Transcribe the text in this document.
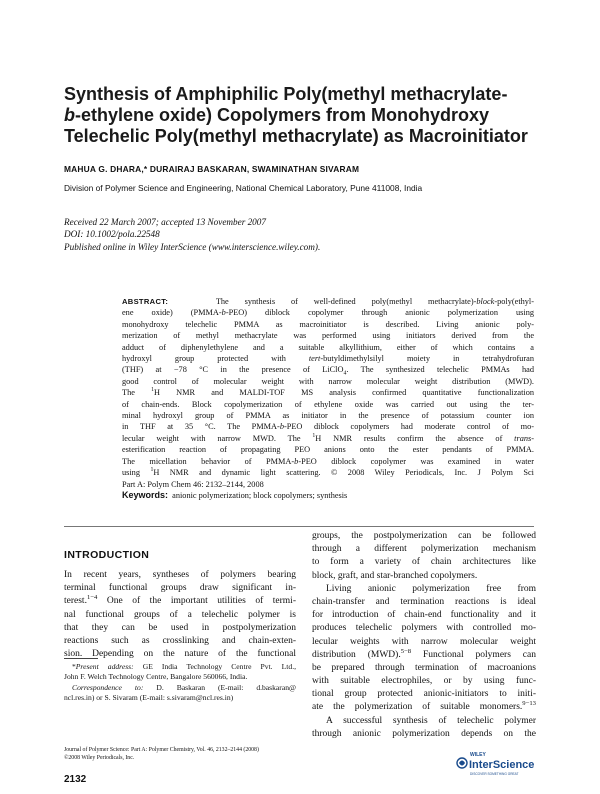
Synthesis of Amphiphilic Poly(methyl methacrylate-
b-ethylene oxide) Copolymers from Monohydroxy
Telechelic Poly(methyl methacrylate) as Macroinitiator
MAHUA G. DHARA,* DURAIRAJ BASKARAN, SWAMINATHAN SIVARAM
Division of Polymer Science and Engineering, National Chemical Laboratory, Pune 411008, India
Received 22 March 2007; accepted 13 November 2007
DOI: 10.1002/pola.22548
Published online in Wiley InterScience (www.interscience.wiley.com).
ABSTRACT:   The synthesis of well-defined poly(methyl methacrylate)-block-poly(ethyl-
ene oxide) (PMMA-b-PEO) diblock copolymer through anionic polymerization using
monohydroxy telechelic PMMA as macroinitiator is described. Living anionic poly-
merization of methyl methacrylate was performed using initiators derived from the
adduct of diphenylethylene and a suitable alkyllithium, either of which contains a
hydroxyl group protected with tert-butyldimethylsilyl moiety in tetrahydrofuran
(THF) at −78 °C in the presence of LiClO$_4$. The synthesized telechelic PMMAs had
good control of molecular weight with narrow molecular weight distribution (MWD).
The $^1$H NMR and MALDI-TOF MS analysis confirmed quantitative functionalization
of chain-ends. Block copolymerization of ethylene oxide was carried out using the ter-
minal hydroxyl group of PMMA as initiator in the presence of potassium counter ion
in THF at 35 °C. The PMMA-b-PEO diblock copolymers had moderate control of mo-
lecular weight with narrow MWD. The $^1$H NMR results confirm the absence of trans-
esterification reaction of propagating PEO anions onto the ester pendants of PMMA.
The micellation behavior of PMMA-b-PEO diblock copolymer was examined in water
using $^1$H NMR and dynamic light scattering. © 2008 Wiley Periodicals, Inc. J Polym Sci
Part A: Polym Chem 46: 2132–2144, 2008
Keywords:  anionic polymerization; block copolymers; synthesis
INTRODUCTION
In recent years, syntheses of polymers bearing
terminal functional groups draw significant in-
terest.$^{1-4}$ One of the important utilities of termi-
nal functional groups of a telechelic polymer is
that they can be used in postpolymerization
reactions such as crosslinking and chain-exten-
sion. Depending on the nature of the functional
groups, the postpolymerization can be followed
through a different polymerization mechanism
to form a variety of chain architectures like
block, graft, and star-branched copolymers.
Living anionic polymerization free from
chain-transfer and termination reactions is ideal
for introduction of chain-end functionality and it
produces telechelic polymers with controlled mo-
lecular weights with narrow molecular weight
distribution (MWD).$^{5-8}$ Functional polymers can
be prepared through termination of macroanions
with suitable electrophiles, or by using func-
tional group protected anionic-initiators to initi-
ate the polymerization of suitable monomers.$^{9-13}$
A successful synthesis of telechelic polymer
through anionic polymerization depends on the
*Present address: GE India Technology Centre Pvt. Ltd.,
John F. Welch Technology Centre, Bangalore 560066, India.
Correspondence to: D. Baskaran (E-mail: d.baskaran@
ncl.res.in) or S. Sivaram (E-mail: s.sivaram@ncl.res.in)
Journal of Polymer Science: Part A: Polymer Chemistry, Vol. 46, 2132–2144 (2008)
©2008 Wiley Periodicals, Inc.
2132
WILEY
InterScience
DISCOVER SOMETHING GREAT
